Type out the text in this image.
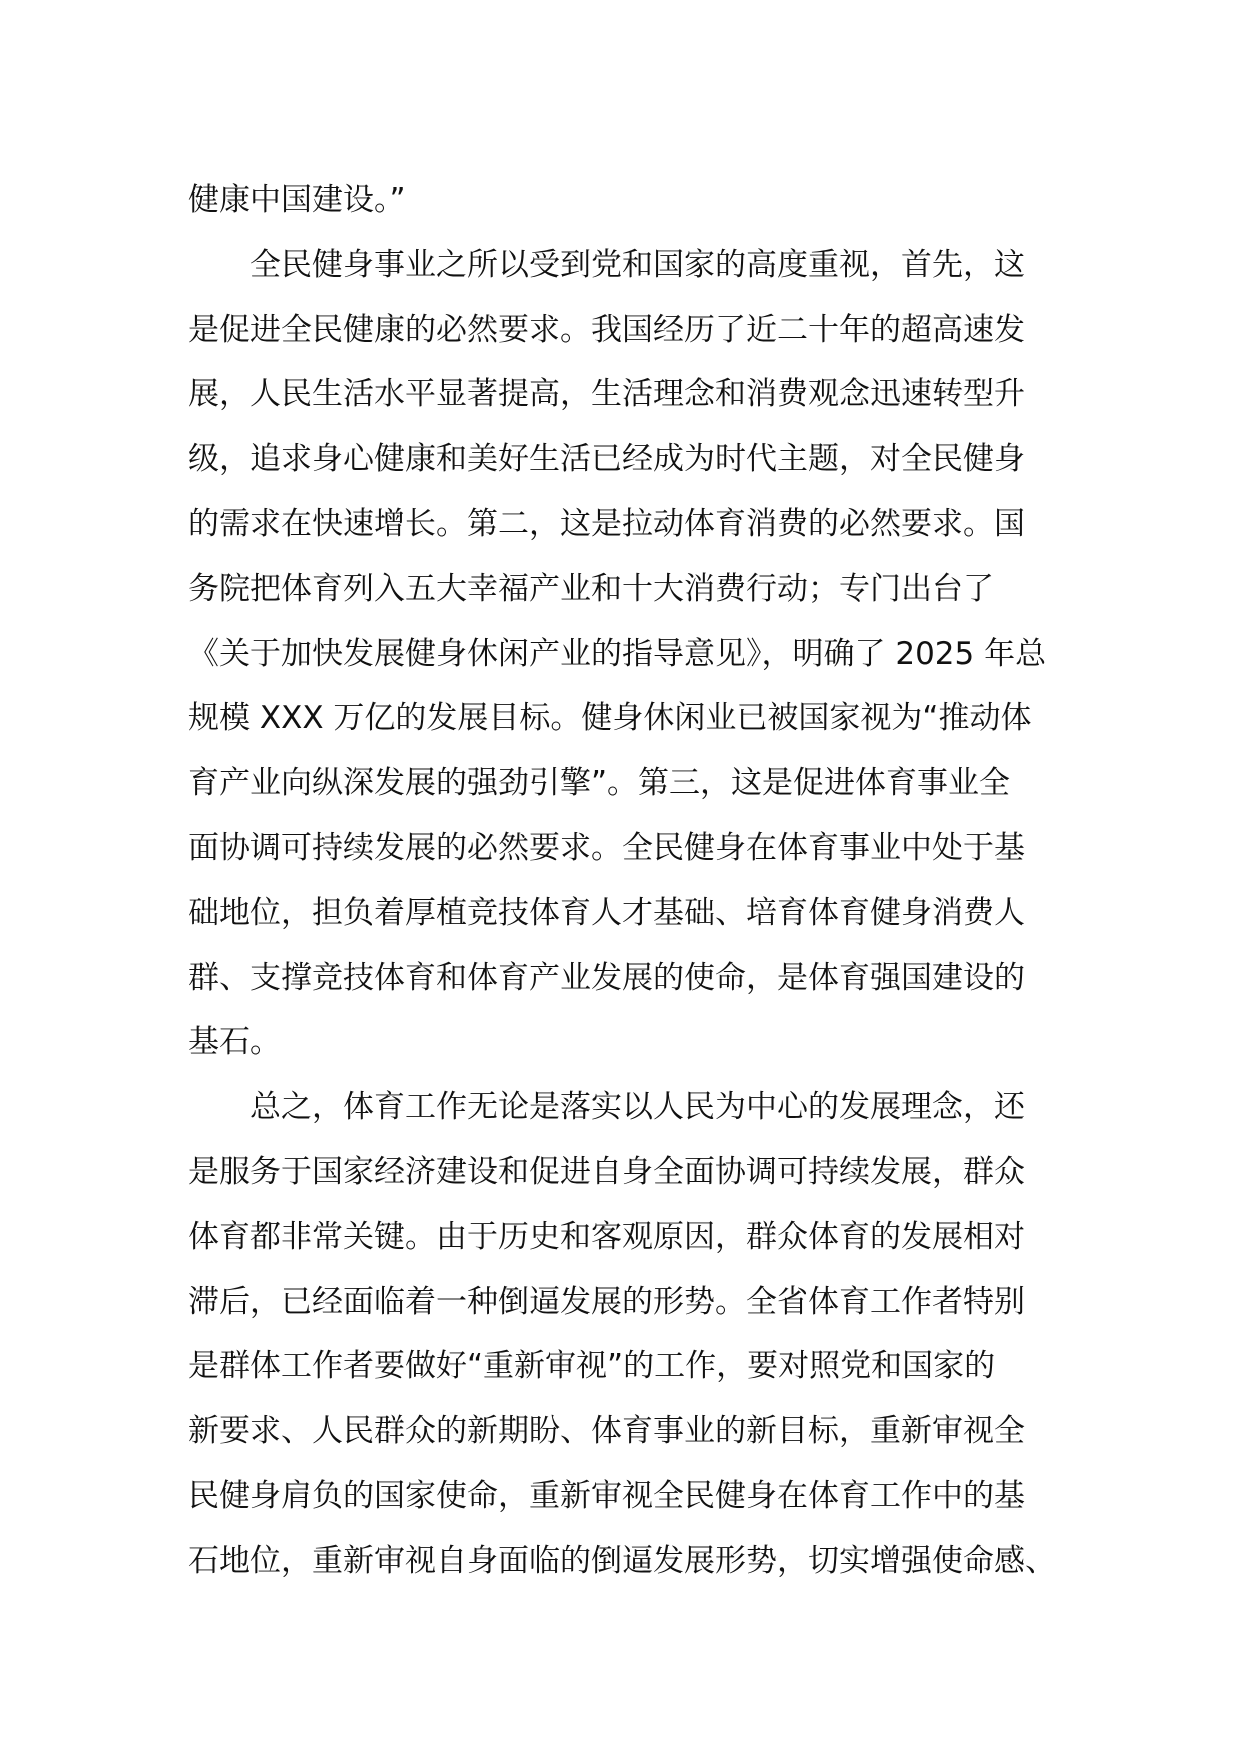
健康中国建设。”
全民健身事业之所以受到党和国家的高度重视，首先，这
是促进全民健康的必然要求。我国经历了近二十年的超高速发
展，人民生活水平显著提高，生活理念和消费观念迅速转型升
级，追求身心健康和美好生活已经成为时代主题，对全民健身
的需求在快速增长。第二，这是拉动体育消费的必然要求。国
务院把体育列入五大幸福产业和十大消费行动；专门出台了
《关于加快发展健身休闲产业的指导意见》，明确了 2025 年总
规模 XXX 万亿的发展目标。健身休闲业已被国家视为“推动体
育产业向纵深发展的强劲引擎”。第三，这是促进体育事业全
面协调可持续发展的必然要求。全民健身在体育事业中处于基
础地位，担负着厚植竞技体育人才基础、培育体育健身消费人
群、支撑竞技体育和体育产业发展的使命，是体育强国建设的
基石。
总之，体育工作无论是落实以人民为中心的发展理念，还
是服务于国家经济建设和促进自身全面协调可持续发展，群众
体育都非常关键。由于历史和客观原因，群众体育的发展相对
滞后，已经面临着一种倒逼发展的形势。全省体育工作者特别
是群体工作者要做好“重新审视”的工作，要对照党和国家的
新要求、人民群众的新期盼、体育事业的新目标，重新审视全
民健身肩负的国家使命，重新审视全民健身在体育工作中的基
石地位，重新审视自身面临的倒逼发展形势，切实增强使命感、
